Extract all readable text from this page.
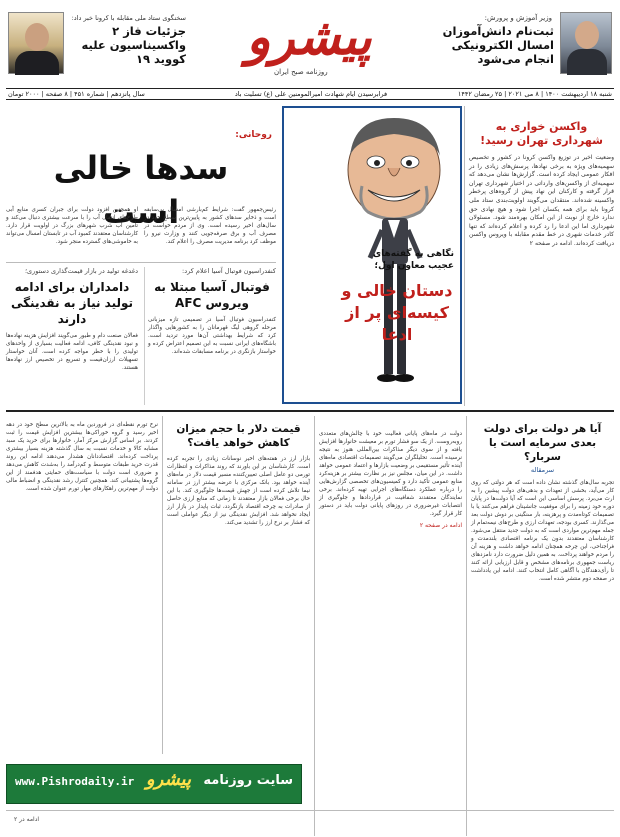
وزیر آموزش و پرورش:
ثبت‌نام دانش‌آموزان امسال الکترونیکی انجام می‌شود
پیشرو
روزنامه صبح ایران
سخنگوی ستاد ملی مقابله با کرونا خبر داد:
جزئیات فاز ۲ واکسیناسیون علیه کووید ۱۹
شنبه ۱۸ اردیبهشت ۱۴۰۰ | ۸ می ۲۰۲۱ | ۲۵ رمضان ۱۴۴۲
فرابرسیدن ایام شهادت امیرالمومنین علی (ع) تسلیت باد
سال پانزدهم | شماره ۴۵۱ | ۸ صفحه | ۲۰۰۰ تومان
واکسن خواری به شهرداری تهران رسید!
وضعیت اخیر در توزیع واکسن کرونا در کشور و تخصیص سهمیه‌های ویژه به برخی نهادها، پرسش‌های زیادی را در افکار عمومی ایجاد کرده است. گزارش‌ها نشان می‌دهد که سهمیه‌ای از واکسن‌های وارداتی در اختیار شهرداری تهران قرار گرفته و کارکنان این نهاد پیش از گروه‌های پرخطر واکسینه شده‌اند. منتقدان می‌گویند اولویت‌بندی ستاد ملی کرونا باید برای همه یکسان اجرا شود و هیچ نهادی حق ندارد خارج از نوبت از این امکان بهره‌مند شود. مسئولان شهرداری اما این ادعا را رد کرده و اعلام کرده‌اند که تنها کادر خدمات شهری در خط مقدم مقابله با ویروس واکسن دریافت کرده‌اند. ادامه در صفحه ۲
نگاهی به گفته‌های عجیب معاون اول؛
دستان خالی و کیسه‌ای پر از ادعا
روحانی:
سدها خالی است
رئیس‌جمهور گفت: شرایط کم‌بارشی امسال بی‌سابقه است و ذخایر سدهای کشور به پایین‌ترین سطح خود در سال‌های اخیر رسیده است. وی از مردم خواست در مصرف آب و برق صرفه‌جویی کنند و وزارت نیرو را موظف کرد برنامه مدیریت مصرف را اعلام کند.
او همچنین افزود دولت برای جبران کسری منابع آبی طرح‌های انتقال آب را با سرعت بیشتری دنبال می‌کند و تأمین آب شرب شهرهای بزرگ در اولویت قرار دارد. کارشناسان معتقدند کمبود آب در تابستان امسال می‌تواند به خاموشی‌های گسترده منجر شود.
کنفدراسیون فوتبال آسیا اعلام کرد:
فوتبال آسیا مبتلا به ویروس AFC
کنفدراسیون فوتبال آسیا در تصمیمی تازه میزبانی مرحله گروهی لیگ قهرمانان را به کشورهایی واگذار کرد که شرایط بهداشتی آن‌ها مورد تردید است. باشگاه‌های ایرانی نسبت به این تصمیم اعتراض کرده و خواستار بازنگری در برنامه مسابقات شده‌اند.
دغدغه تولید در بازار قیمت‌گذاری دستوری؛
دامداران برای ادامه تولید نیاز به نقدینگی دارند
فعالان صنعت دام و طیور می‌گویند افزایش هزینه نهاده‌ها و نبود نقدینگی کافی، ادامه فعالیت بسیاری از واحدهای تولیدی را با خطر مواجه کرده است. آنان خواستار تسهیلات ارزان‌قیمت و تسریع در تخصیص ارز نهاده‌ها هستند.
آیا هر دولت برای دولت بعدی سرمایه است یا سربار؟
سرمقاله
تجربه سال‌های گذشته نشان داده است که هر دولتی که روی کار می‌آید، بخشی از تعهدات و بدهی‌های دولت پیشین را به ارث می‌برد. پرسش اساسی این است که آیا دولت‌ها در پایان دوره خود زمینه را برای موفقیت جانشینان فراهم می‌کنند یا با تصمیمات کوتاه‌مدت و پرهزینه، بار سنگینی بر دوش دولت بعد می‌گذارند. کسری بودجه، تعهدات ارزی و طرح‌های نیمه‌تمام از جمله مهم‌ترین مواردی است که به دولت جدید منتقل می‌شود. کارشناسان معتقدند بدون یک برنامه اقتصادی بلندمدت و فراجناحی، این چرخه همچنان ادامه خواهد داشت و هزینه آن را مردم خواهند پرداخت. به همین دلیل ضرورت دارد نامزدهای ریاست جمهوری برنامه‌های مشخص و قابل ارزیابی ارائه کنند تا رأی‌دهندگان با آگاهی کامل انتخاب کنند. ادامه این یادداشت در صفحه دوم منتشر شده است.
دولت در ماه‌های پایانی فعالیت خود با چالش‌های متعددی روبه‌روست. از یک سو فشار تورم بر معیشت خانوارها افزایش یافته و از سوی دیگر مذاکرات بین‌المللی هنوز به نتیجه نرسیده است. تحلیلگران می‌گویند تصمیمات اقتصادی ماه‌های آینده تأثیر مستقیمی بر وضعیت بازارها و اعتماد عمومی خواهد داشت. در این میان، مجلس نیز بر نظارت بیشتر بر هزینه‌کرد منابع عمومی تأکید دارد و کمیسیون‌های تخصصی گزارش‌هایی را درباره عملکرد دستگاه‌های اجرایی تهیه کرده‌اند. برخی نمایندگان معتقدند شفافیت در قراردادها و جلوگیری از انتصابات غیرضروری در روزهای پایانی دولت باید در دستور کار قرار گیرد.
ادامه در صفحه ۲
قیمت دلار با حجم میزان کاهش خواهد یافت؟
بازار ارز در هفته‌های اخیر نوسانات زیادی را تجربه کرده است. کارشناسان بر این باورند که روند مذاکرات و انتظارات تورمی دو عامل اصلی تعیین‌کننده مسیر قیمت دلار در ماه‌های آینده خواهد بود. بانک مرکزی با عرضه بیشتر ارز در سامانه نیما تلاش کرده است از جهش قیمت‌ها جلوگیری کند. با این حال برخی فعالان بازار معتقدند تا زمانی که منابع ارزی حاصل از صادرات به چرخه اقتصاد بازنگردد، ثبات پایدار در بازار ارز ایجاد نخواهد شد. افزایش نقدینگی نیز از دیگر عواملی است که فشار بر نرخ ارز را تشدید می‌کند.
نرخ تورم نقطه‌ای در فروردین ماه به بالاترین سطح خود در دهه اخیر رسید و گروه خوراکی‌ها بیشترین افزایش قیمت را ثبت کردند. بر اساس گزارش مرکز آمار، خانوارها برای خرید یک سبد مشابه کالا و خدمات نسبت به سال گذشته هزینه بسیار بیشتری پرداخت کرده‌اند. اقتصاددانان هشدار می‌دهند ادامه این روند قدرت خرید طبقات متوسط و کم‌درآمد را به‌شدت کاهش می‌دهد و ضروری است دولت با سیاست‌های حمایتی هدفمند از این گروه‌ها پشتیبانی کند. همچنین کنترل رشد نقدینگی و انضباط مالی دولت از مهم‌ترین راهکارهای مهار تورم عنوان شده است.
سایت روزنامه
پیشرو
www.Pishrodaily.ir
ادامه در ۲
